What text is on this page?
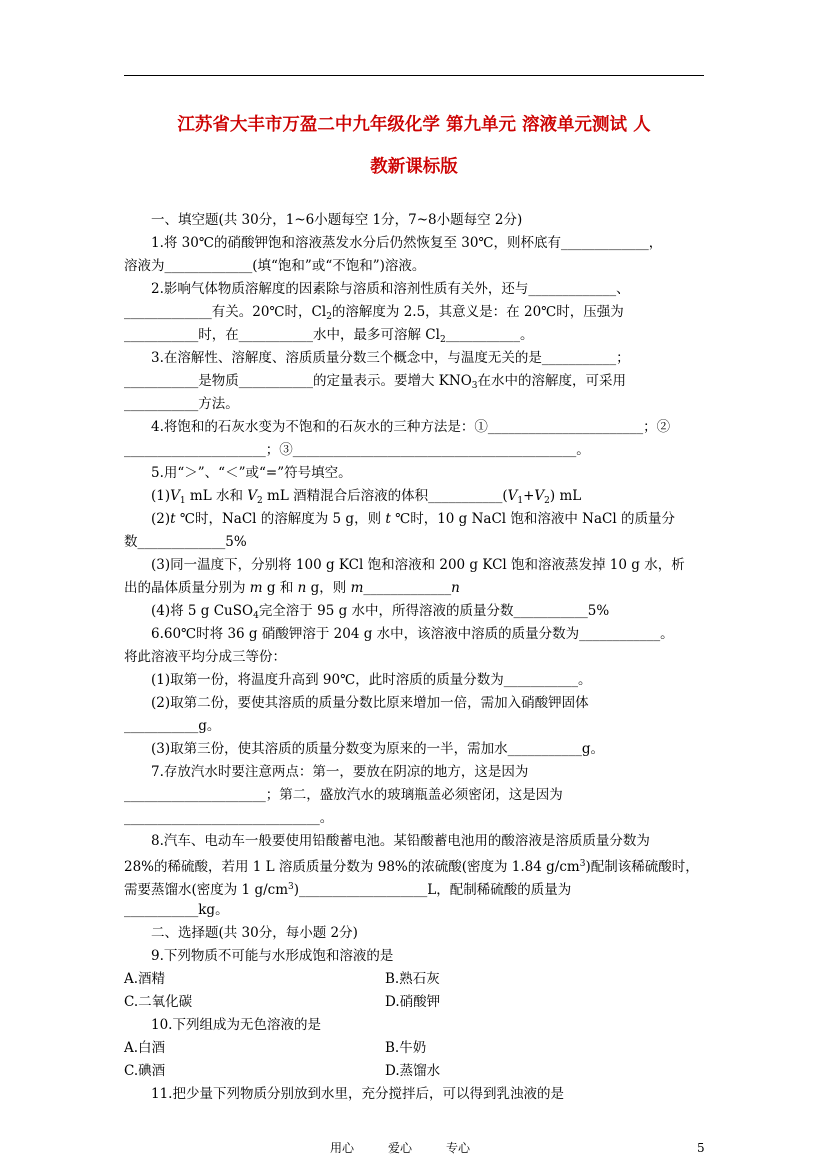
江苏省大丰市万盈二中九年级化学 第九单元 溶液单元测试 人
教新课标版
一、填空题(共 30分，1~6小题每空 1分，7~8小题每空 2分)
1.将 30℃的硝酸钾饱和溶液蒸发水分后仍然恢复至 30℃，则杯底有_____________，
溶液为_____________(填“饱和”或“不饱和”)溶液。
2.影响气体物质溶解度的因素除与溶质和溶剂性质有关外，还与_____________、
_____________有关。20℃时，$Cl_2$的溶解度为 2.5，其意义是：在 20℃时，压强为
___________时，在___________水中，最多可溶解 $Cl_2\_\_\_\_\_\_\_\_\_\_\_$。
3.在溶解性、溶解度、溶质质量分数三个概念中，与温度无关的是___________；
___________是物质___________的定量表示。要增大 $KNO_3$在水中的溶解度，可采用
___________方法。
4.将饱和的石灰水变为不饱和的石灰水的三种方法是：①_______________________；②
_____________________；③__________________________________________。
5.用“＞”、“＜”或“=”符号填空。
$(1)V_1$ mL 水和 $V_2$ mL 酒精混合后溶液的体积$\_\_\_\_\_\_\_\_\_\_\_(V_1+V_2)$ mL
(2)t ℃时，NaCl 的溶解度为 5 g，则 t ℃时，10 g NaCl 饱和溶液中 NaCl 的质量分
数_____________5%
(3)同一温度下，分别将 100 g KCl 饱和溶液和 200 g KCl 饱和溶液蒸发掉 10 g 水，析
出的晶体质量分别为 m g 和 n g，则 m_____________n
(4)将 5 g CuSO$_4$完全溶于 95 g 水中，所得溶液的质量分数___________5%
6.60℃时将 36 g 硝酸钾溶于 204 g 水中，该溶液中溶质的质量分数为____________。
将此溶液平均分成三等份：
(1)取第一份，将温度升高到 90℃，此时溶质的质量分数为___________。
(2)取第二份，要使其溶质的质量分数比原来增加一倍，需加入硝酸钾固体
___________g。
(3)取第三份，使其溶质的质量分数变为原来的一半，需加水___________g。
7.存放汽水时要注意两点：第一，要放在阴凉的地方，这是因为
_____________________；第二，盛放汽水的玻璃瓶盖必须密闭，这是因为
_____________________________。
8.汽车、电动车一般要使用铅酸蓄电池。某铅酸蓄电池用的酸溶液是溶质质量分数为
28%的稀硫酸，若用 1 L 溶质质量分数为 98%的浓硫酸(密度为 1.84 $g/cm^3$)配制该稀硫酸时，
需要蒸馏水(密度为 1 $g/cm^3)\_\_\_\_\_\_\_\_\_\_\_\_\_\_\_\_\_\_\_L$，配制稀硫酸的质量为
___________kg。
二、选择题(共 30分，每小题 2分)
9.下列物质不可能与水形成饱和溶液的是
A.酒精	B.熟石灰
C.二氧化碳	D.硝酸钾
10.下列组成为无色溶液的是
A.白酒	B.牛奶
C.碘酒	D.蒸馏水
11.把少量下列物质分别放到水里，充分搅拌后，可以得到乳浊液的是
用心	爱心	专心	5
